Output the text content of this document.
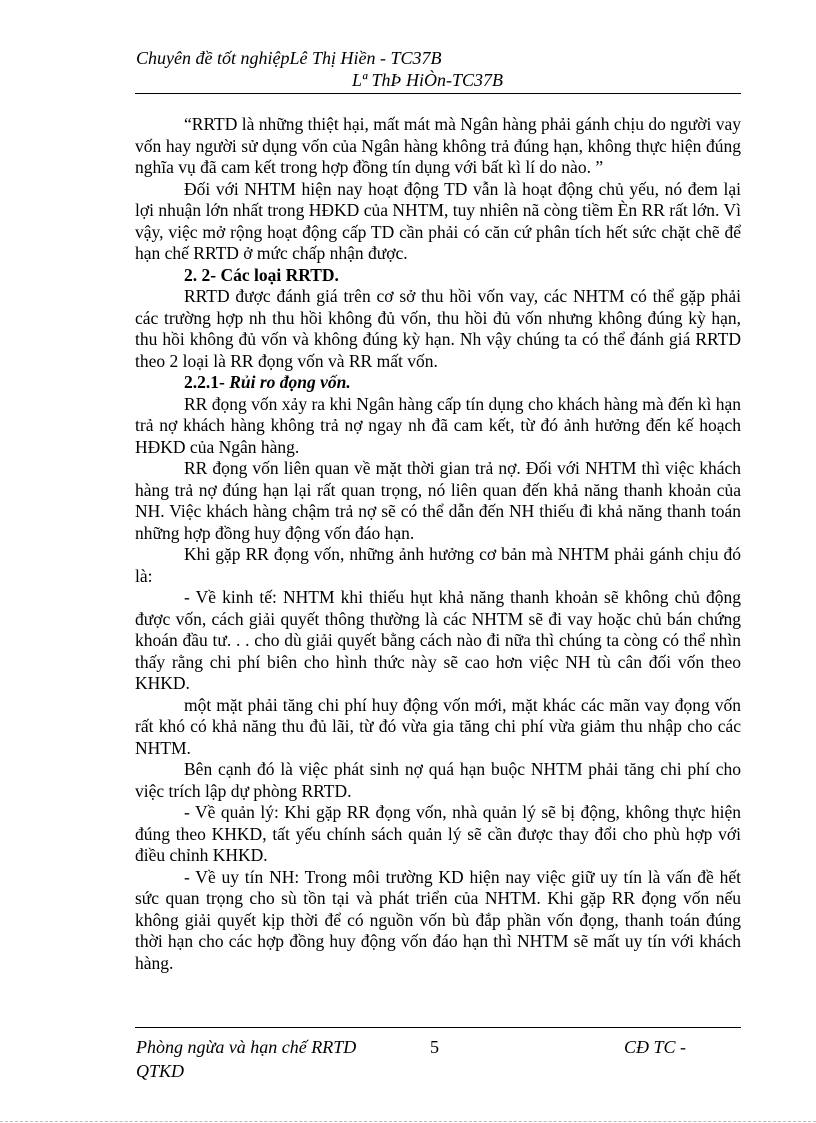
Chuyên đề tốt nghiệpLê Thị Hiền - TC37B
Lª ThÞ HiÒn-TC37B

“RRTD là những thiệt hại, mất mát mà Ngân hàng phải gánh chịu do người vay vốn hay người sử dụng vốn của Ngân hàng không trả đúng hạn, không thực hiện đúng nghĩa vụ đã cam kết trong hợp đồng tín dụng với bất kì lí do nào. ”

Đối với NHTM hiện nay hoạt động TD vẫn là hoạt động chủ yếu, nó đem lại lợi nhuận lớn nhất trong HĐKD của NHTM, tuy nhiên nã còng tiềm Èn RR rất lớn. Vì vậy, việc mở rộng hoạt động cấp TD cần phải có căn cứ phân tích hết sức chặt chẽ để hạn chế RRTD ở mức chấp nhận được.

2. 2- Các loại RRTD.

RRTD được đánh giá trên cơ sở thu hồi vốn vay, các NHTM có thể gặp phải các trường hợp nh thu hồi không đủ vốn, thu hồi đủ vốn nhưng không đúng kỳ hạn, thu hồi không đủ vốn và không đúng kỳ hạn. Nh vậy chúng ta có thể đánh giá RRTD theo 2 loại là RR đọng vốn và RR mất vốn.

2.2.1- Rủi ro đọng vốn.

RR đọng vốn xảy ra khi Ngân hàng cấp tín dụng cho khách hàng mà đến kì hạn trả nợ khách hàng không trả nợ ngay nh đã cam kết, từ đó ảnh hưởng đến kế hoạch HĐKD của Ngân hàng.

RR đọng vốn liên quan về mặt thời gian trả nợ. Đối với NHTM thì việc khách hàng trả nợ đúng hạn lại rất quan trọng, nó liên quan đến khả năng thanh khoản của NH. Việc khách hàng chậm trả nợ sẽ có thể dẫn đến NH thiếu đi khả năng thanh toán những hợp đồng huy động vốn đáo hạn.

Khi gặp RR đọng vốn, những ảnh hưởng cơ bản mà NHTM phải gánh chịu đó là:

- Về kinh tế: NHTM khi thiếu hụt khả năng thanh khoản sẽ không chủ động được vốn, cách giải quyết thông thường là các NHTM sẽ đi vay hoặc chủ bán chứng khoán đầu tư. . . cho dù giải quyết bằng cách nào đi nữa thì chúng ta còng có thể nhìn thấy rằng chi phí biên cho hình thức này sẽ cao hơn việc NH tù cân đối vốn theo KHKD.

một mặt phải tăng chi phí huy động vốn mới, mặt khác các mãn vay đọng vốn rất khó có khả năng thu đủ lãi, từ đó vừa gia tăng chi phí vừa giảm thu nhập cho các NHTM.

Bên cạnh đó là việc phát sinh nợ quá hạn buộc NHTM phải tăng chi phí cho việc trích lập dự phòng RRTD.

- Về quản lý: Khi gặp RR đọng vốn, nhà quản lý sẽ bị động, không thực hiện đúng theo KHKD, tất yếu chính sách quản lý sẽ cần được thay đổi cho phù hợp với điều chỉnh KHKD.

- Về uy tín NH: Trong môi trường KD hiện nay việc giữ uy tín là vấn đề hết sức quan trọng cho sù tồn tại và phát triển của NHTM. Khi gặp RR đọng vốn nếu không giải quyết kịp thời để có nguồn vốn bù đắp phần vốn đọng, thanh toán đúng thời hạn cho các hợp đồng huy động vốn đáo hạn thì NHTM sẽ mất uy tín với khách hàng.

Phòng ngừa và hạn chế RRTD QTKD
5	CĐ TC -
